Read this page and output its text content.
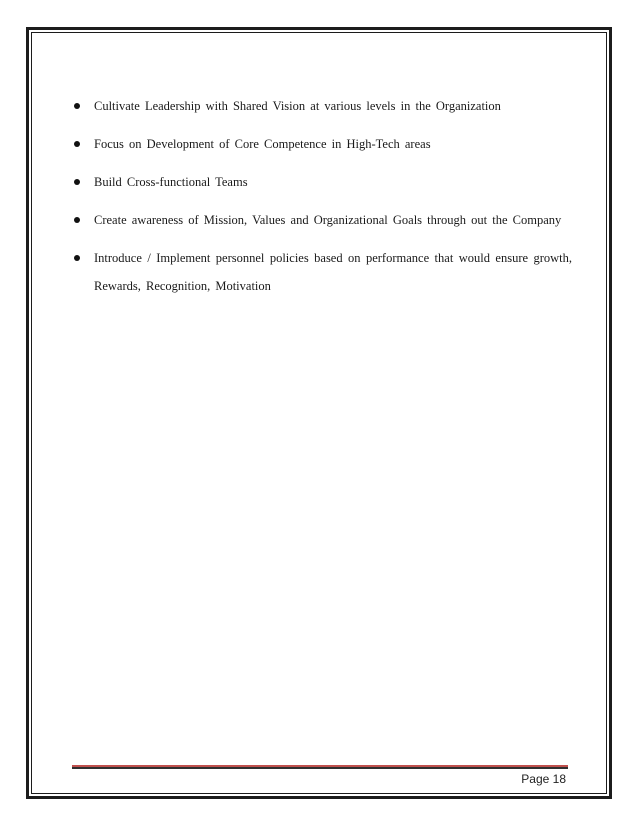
Cultivate Leadership with Shared Vision at various levels in the Organization
Focus on Development of Core Competence in High-Tech areas
Build Cross-functional Teams
Create awareness of Mission, Values and Organizational Goals through out the Company
Introduce / Implement personnel policies based on performance that would ensure growth, Rewards, Recognition, Motivation
Page 18
